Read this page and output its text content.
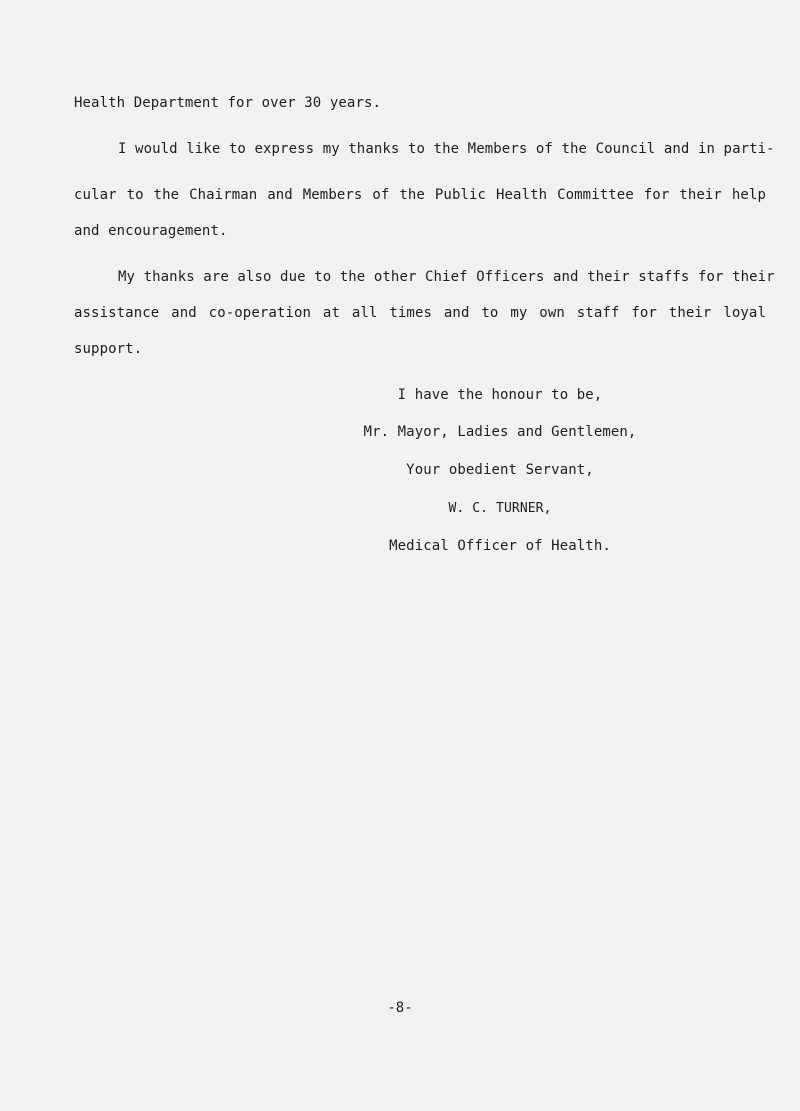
Health Department for over 30 years.
I would like to express my thanks to the Members of the Council and in parti-
cular to the Chairman and Members of the Public Health Committee for their help
and encouragement.
My thanks are also due to the other Chief Officers and their staffs for their
assistance and co-operation at all times and to my own staff for their loyal
support.
I have the honour to be,
Mr. Mayor, Ladies and Gentlemen,
Your obedient Servant,
W. C. TURNER,
Medical Officer of Health.
-8-
